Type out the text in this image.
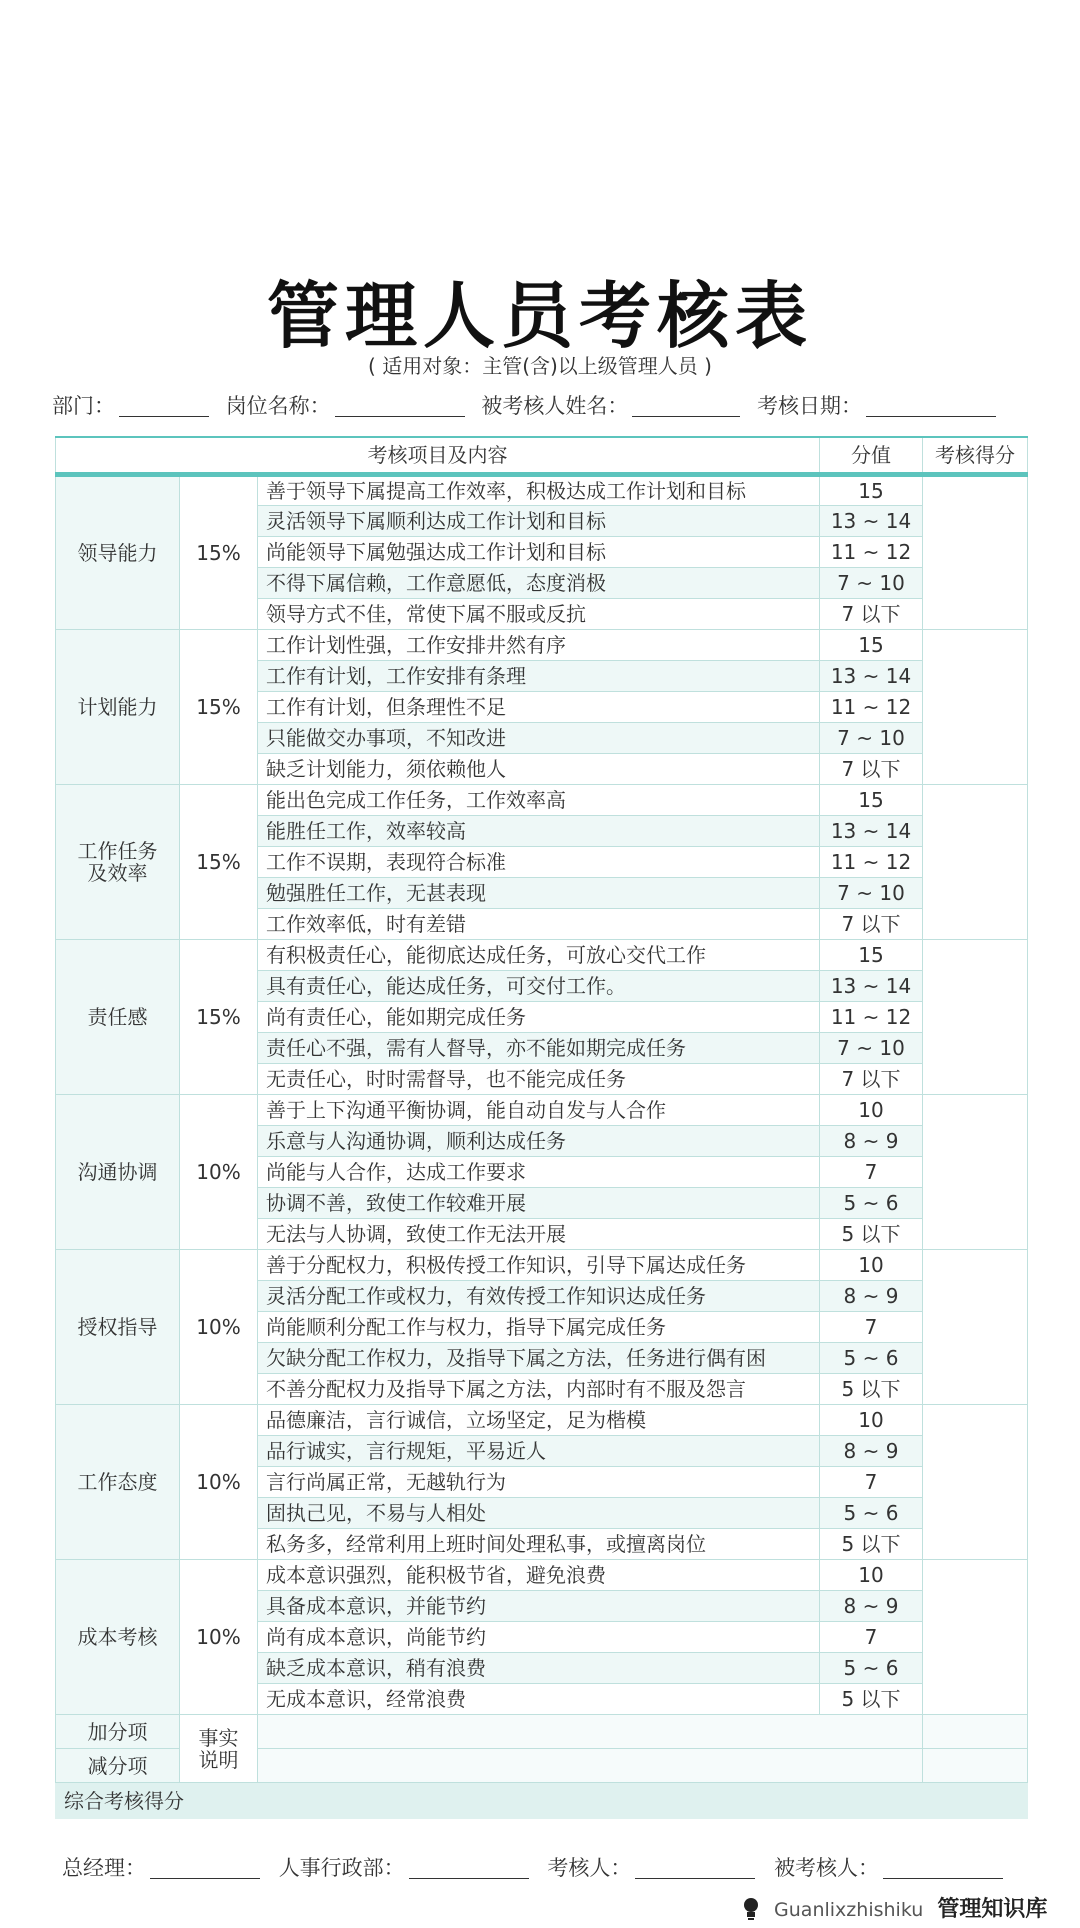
管理人员考核表
( 适用对象：主管(含)以上级管理人员 )
部门：	岗位名称：	被考核人姓名：	考核日期：
考核项目及内容			分值	考核得分
领导能力	15%	善于领导下属提高工作效率，积极达成工作计划和目标	15	
		灵活领导下属顺利达成工作计划和目标	13 ~ 14	
		尚能领导下属勉强达成工作计划和目标	11 ~ 12	
		不得下属信赖，工作意愿低，态度消极	7 ~ 10	
		领导方式不佳，常使下属不服或反抗	7 以下	
计划能力	15%	工作计划性强，工作安排井然有序	15	
		工作有计划，工作安排有条理	13 ~ 14	
		工作有计划，但条理性不足	11 ~ 12	
		只能做交办事项，不知改进	7 ~ 10	
		缺乏计划能力，须依赖他人	7 以下	
工作任务及效率	15%	能出色完成工作任务，工作效率高	15	
		能胜任工作，效率较高	13 ~ 14	
		工作不误期，表现符合标准	11 ~ 12	
		勉强胜任工作，无甚表现	7 ~ 10	
		工作效率低，时有差错	7 以下	
责任感	15%	有积极责任心，能彻底达成任务，可放心交代工作	15	
		具有责任心，能达成任务，可交付工作。	13 ~ 14	
		尚有责任心，能如期完成任务	11 ~ 12	
		责任心不强，需有人督导，亦不能如期完成任务	7 ~ 10	
		无责任心，时时需督导，也不能完成任务	7 以下	
沟通协调	10%	善于上下沟通平衡协调，能自动自发与人合作	10	
		乐意与人沟通协调，顺利达成任务	8 ~ 9	
		尚能与人合作，达成工作要求	7	
		协调不善，致使工作较难开展	5 ~ 6	
		无法与人协调，致使工作无法开展	5 以下	
授权指导	10%	善于分配权力，积极传授工作知识，引导下属达成任务	10	
		灵活分配工作或权力，有效传授工作知识达成任务	8 ~ 9	
		尚能顺利分配工作与权力，指导下属完成任务	7	
		欠缺分配工作权力，及指导下属之方法，任务进行偶有困	5 ~ 6	
		不善分配权力及指导下属之方法，内部时有不服及怨言	5 以下	
工作态度	10%	品德廉洁，言行诚信，立场坚定，足为楷模	10	
		品行诚实，言行规矩，平易近人	8 ~ 9	
		言行尚属正常，无越轨行为	7	
		固执己见，不易与人相处	5 ~ 6	
		私务多，经常利用上班时间处理私事，或擅离岗位	5 以下	
成本考核	10%	成本意识强烈，能积极节省，避免浪费	10	
		具备成本意识，并能节约	8 ~ 9	
		尚有成本意识，尚能节约	7	
		缺乏成本意识，稍有浪费	5 ~ 6	
		无成本意识，经常浪费	5 以下	
加分项	事实说明			
减分项				
综合考核得分				
总经理：	人事行政部：	考核人：	被考核人：
Guanlixzhishiku 管理知识库
